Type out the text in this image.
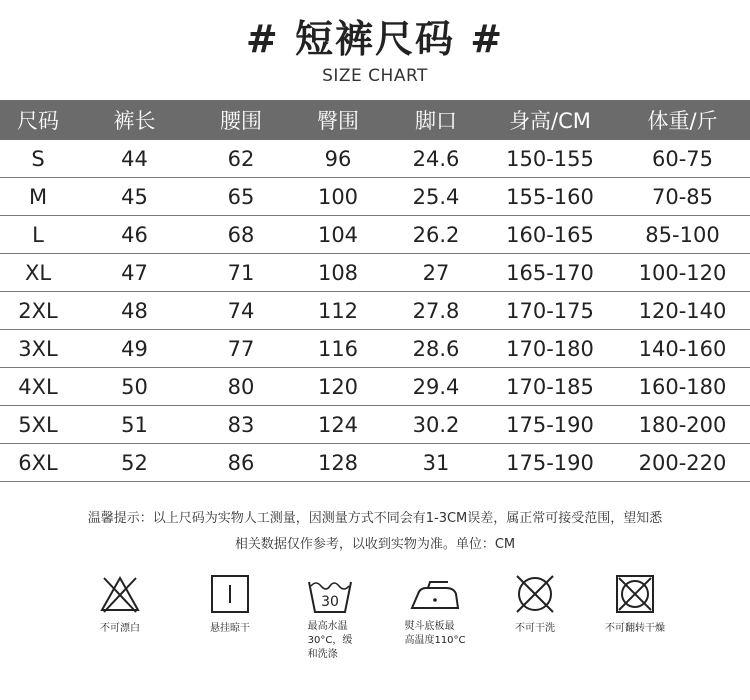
# 短裤尺码 #
SIZE CHART
尺码	裤长	腰围	臀围	脚口	身高/CM	体重/斤
S	44	62	96	24.6	150-155	60-75
M	45	65	100	25.4	155-160	70-85
L	46	68	104	26.2	160-165	85-100
XL	47	71	108	27	165-170	100-120
2XL	48	74	112	27.8	170-175	120-140
3XL	49	77	116	28.6	170-180	140-160
4XL	50	80	120	29.4	170-185	160-180
5XL	51	83	124	30.2	175-190	180-200
6XL	52	86	128	31	175-190	200-220
温馨提示：以上尺码为实物人工测量，因测量方式不同会有1-3CM误差，属正常可接受范围，望知悉
相关数据仅作参考，以收到实物为准。单位：CM
不可漂白	悬挂晾干
30
最高水温
30°C，缓
和洗涤
熨斗底板最
高温度110°C
不可干洗	不可翻转干燥
